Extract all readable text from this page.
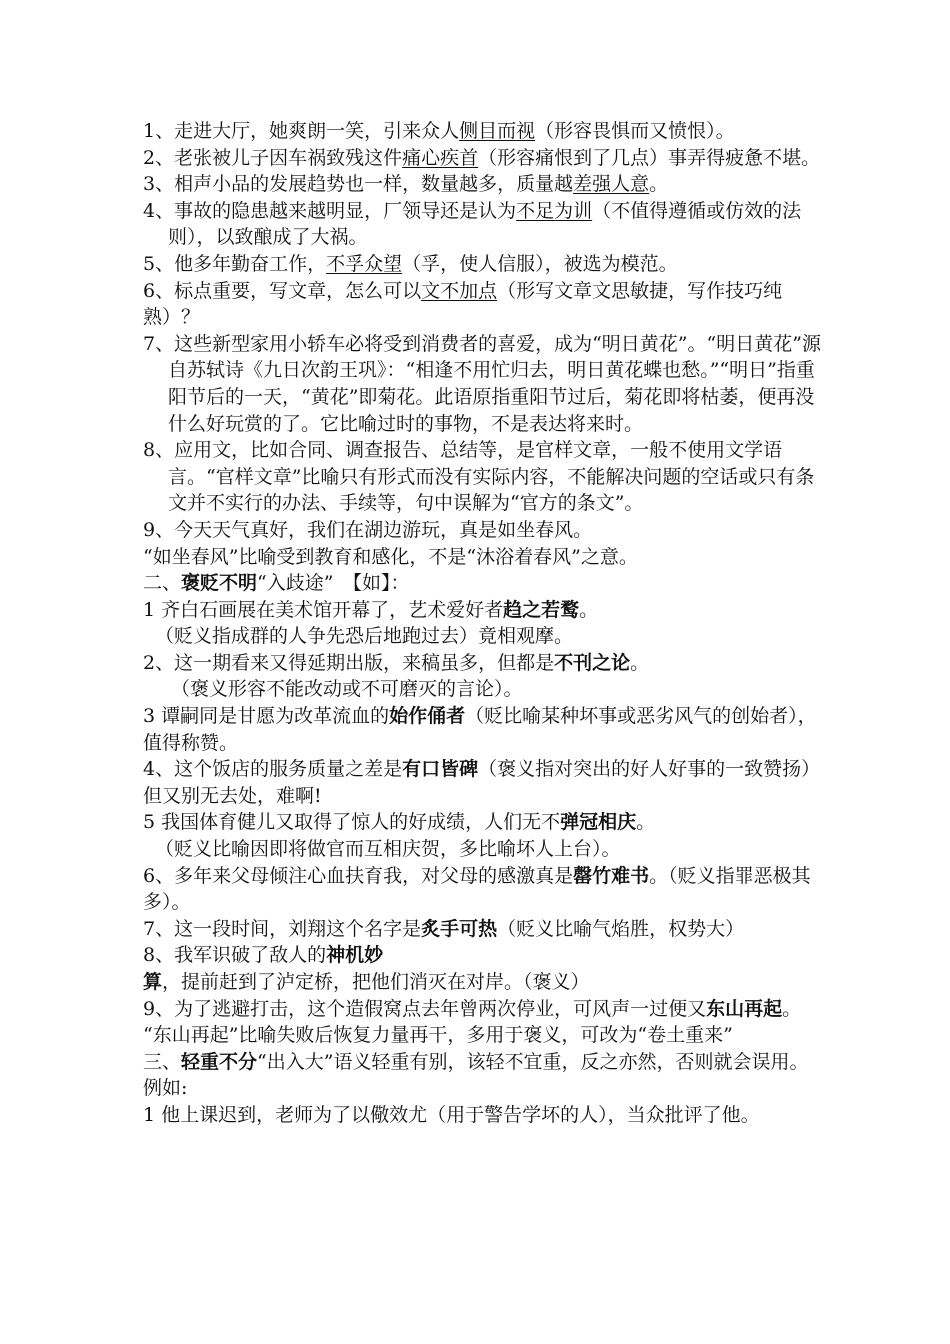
1、走进大厅，她爽朗一笑，引来众人侧目而视（形容畏惧而又愤恨）。

2、老张被儿子因车祸致残这件痛心疾首（形容痛恨到了几点）事弄得疲惫不堪。

3、相声小品的发展趋势也一样，数量越多，质量越差强人意。

4、事故的隐患越来越明显，厂领导还是认为不足为训（不值得遵循或仿效的法则），以致酿成了大祸。

5、他多年勤奋工作，不孚众望（孚，使人信服），被选为模范。

6、标点重要，写文章，怎么可以文不加点（形写文章文思敏捷，写作技巧纯熟）？

7、这些新型家用小轿车必将受到消费者的喜爱，成为“明日黄花”。“明日黄花”源自苏轼诗《九日次韵王巩》：“相逢不用忙归去，明日黄花蝶也愁。”“明日”指重阳节后的一天，“黄花”即菊花。此语原指重阳节过后，菊花即将枯萎，便再没什么好玩赏的了。它比喻过时的事物，不是表达将来时。

8、应用文，比如合同、调查报告、总结等，是官样文章，一般不使用文学语言。“官样文章”比喻只有形式而没有实际内容，不能解决问题的空话或只有条文并不实行的办法、手续等，句中误解为“官方的条文”。

9、今天天气真好，我们在湖边游玩，真是如坐春风。

“如坐春风”比喻受到教育和感化，不是“沐浴着春风”之意。

二、褒贬不明“入歧途”　【如】：

1 齐白石画展在美术馆开幕了，艺术爱好者趋之若鹜。

（贬义指成群的人争先恐后地跑过去）竟相观摩。

2、这一期看来又得延期出版，来稿虽多，但都是不刊之论。

（褒义形容不能改动或不可磨灭的言论）。

3 谭嗣同是甘愿为改革流血的始作俑者（贬比喻某种坏事或恶劣风气的创始者），值得称赞。

4、这个饭店的服务质量之差是有口皆碑（褒义指对突出的好人好事的一致赞扬）但又别无去处，难啊!

5 我国体育健儿又取得了惊人的好成绩，人们无不弹冠相庆。

（贬义比喻因即将做官而互相庆贺，多比喻坏人上台）。

6、多年来父母倾注心血扶育我，对父母的感激真是罄竹难书。（贬义指罪恶极其多）。

7、这一段时间，刘翔这个名字是炙手可热（贬义比喻气焰胜，权势大）

8、我军识破了敌人的神机妙算，提前赶到了泸定桥，把他们消灭在对岸。（褒义）

9、为了逃避打击，这个造假窝点去年曾两次停业，可风声一过便又东山再起。

“东山再起”比喻失败后恢复力量再干，多用于褒义，可改为“卷土重来”

三、轻重不分“出入大”语义轻重有别，该轻不宜重，反之亦然，否则就会误用。例如:

1 他上课迟到，老师为了以儆效尤（用于警告学坏的人），当众批评了他。
